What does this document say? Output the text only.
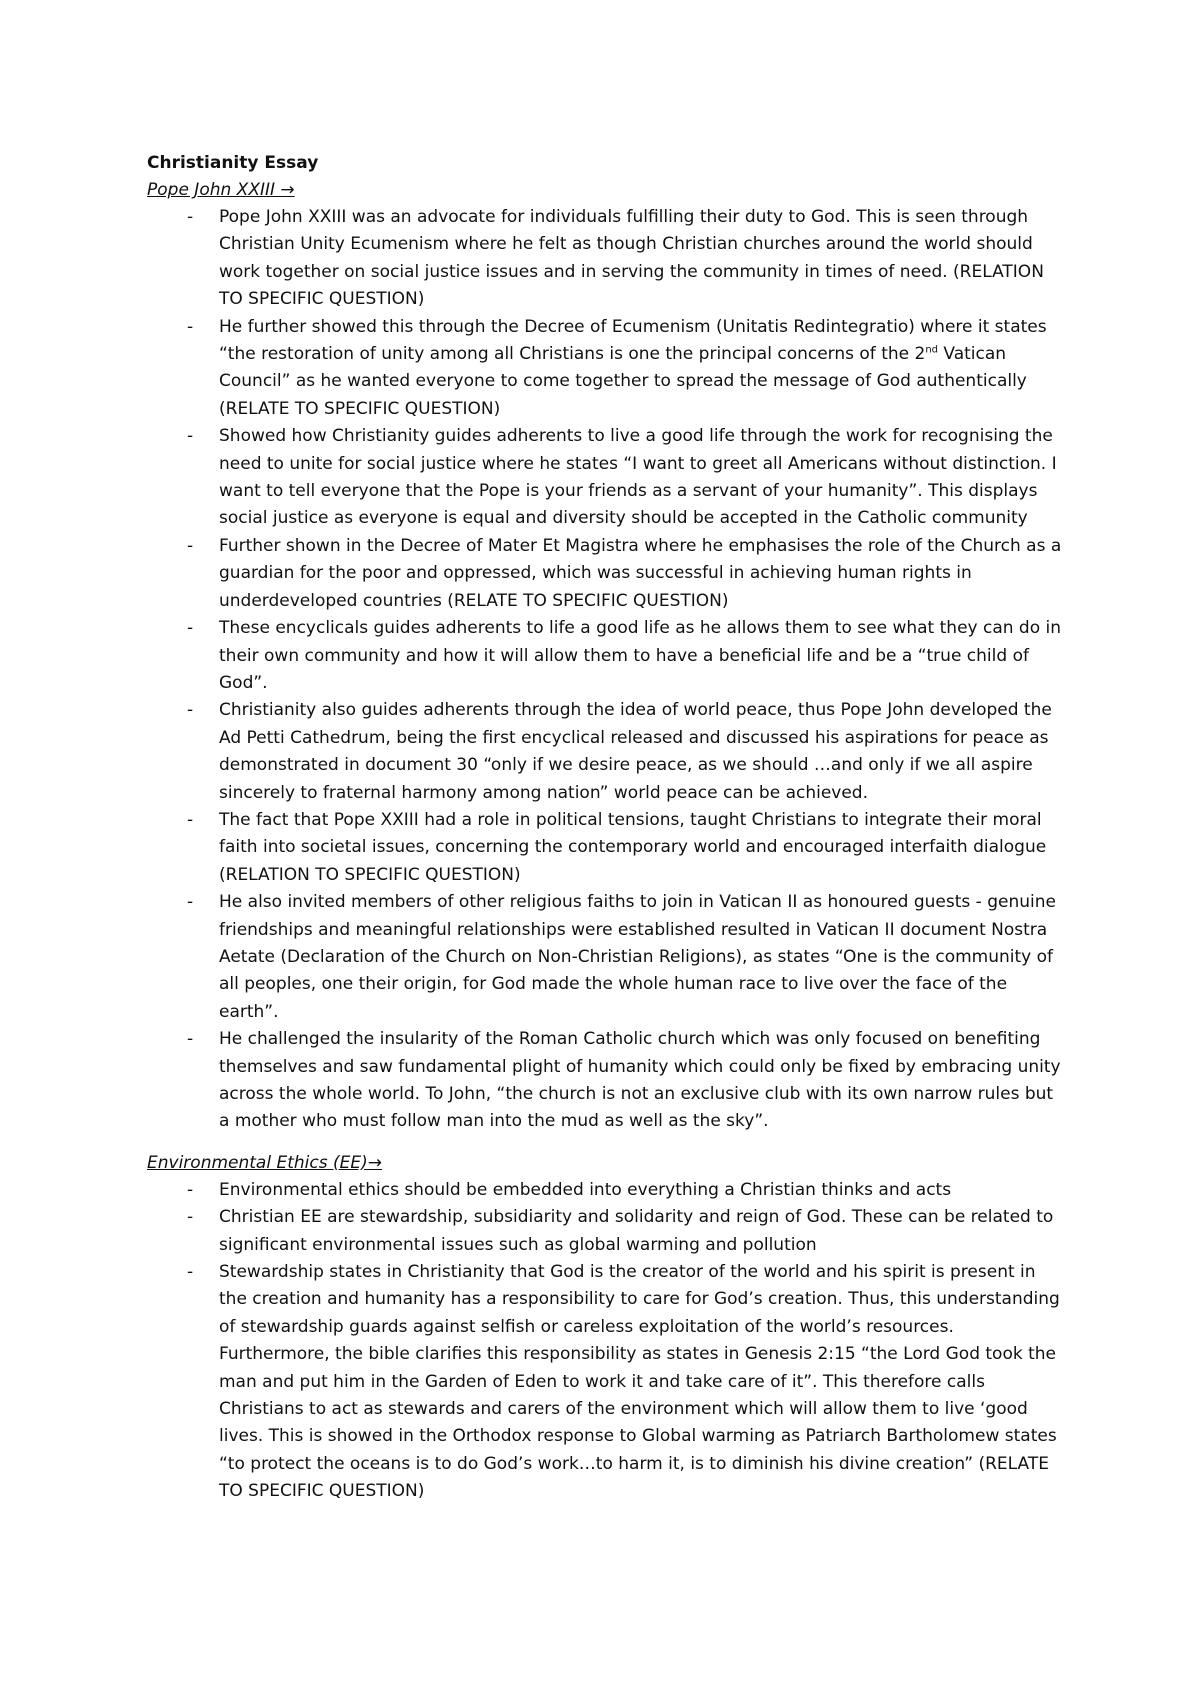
Christianity Essay

Pope John XXIII →

- Pope John XXIII was an advocate for individuals fulfilling their duty to God. This is seen through Christian Unity Ecumenism where he felt as though Christian churches around the world should work together on social justice issues and in serving the community in times of need. (RELATION TO SPECIFIC QUESTION)
- He further showed this through the Decree of Ecumenism (Unitatis Redintegratio) where it states “the restoration of unity among all Christians is one the principal concerns of the 2nd Vatican Council” as he wanted everyone to come together to spread the message of God authentically (RELATE TO SPECIFIC QUESTION)
- Showed how Christianity guides adherents to live a good life through the work for recognising the need to unite for social justice where he states “I want to greet all Americans without distinction. I want to tell everyone that the Pope is your friends as a servant of your humanity”. This displays social justice as everyone is equal and diversity should be accepted in the Catholic community
- Further shown in the Decree of Mater Et Magistra where he emphasises the role of the Church as a guardian for the poor and oppressed, which was successful in achieving human rights in underdeveloped countries (RELATE TO SPECIFIC QUESTION)
- These encyclicals guides adherents to life a good life as he allows them to see what they can do in their own community and how it will allow them to have a beneficial life and be a “true child of God”.
- Christianity also guides adherents through the idea of world peace, thus Pope John developed the Ad Petti Cathedrum, being the first encyclical released and discussed his aspirations for peace as demonstrated in document 30 “only if we desire peace, as we should …and only if we all aspire sincerely to fraternal harmony among nation” world peace can be achieved.
- The fact that Pope XXIII had a role in political tensions, taught Christians to integrate their moral faith into societal issues, concerning the contemporary world and encouraged interfaith dialogue (RELATION TO SPECIFIC QUESTION)
- He also invited members of other religious faiths to join in Vatican II as honoured guests - genuine friendships and meaningful relationships were established resulted in Vatican II document Nostra Aetate (Declaration of the Church on Non-Christian Religions), as states “One is the community of all peoples, one their origin, for God made the whole human race to live over the face of the earth”.
- He challenged the insularity of the Roman Catholic church which was only focused on benefiting themselves and saw fundamental plight of humanity which could only be fixed by embracing unity across the whole world. To John, “the church is not an exclusive club with its own narrow rules but a mother who must follow man into the mud as well as the sky”.

Environmental Ethics (EE)→

- Environmental ethics should be embedded into everything a Christian thinks and acts
- Christian EE are stewardship, subsidiarity and solidarity and reign of God. These can be related to significant environmental issues such as global warming and pollution
- Stewardship states in Christianity that God is the creator of the world and his spirit is present in the creation and humanity has a responsibility to care for God’s creation. Thus, this understanding of stewardship guards against selfish or careless exploitation of the world’s resources. Furthermore, the bible clarifies this responsibility as states in Genesis 2:15 “the Lord God took the man and put him in the Garden of Eden to work it and take care of it”. This therefore calls Christians to act as stewards and carers of the environment which will allow them to live ‘good lives. This is showed in the Orthodox response to Global warming as Patriarch Bartholomew states “to protect the oceans is to do God’s work…to harm it, is to diminish his divine creation” (RELATE TO SPECIFIC QUESTION)
